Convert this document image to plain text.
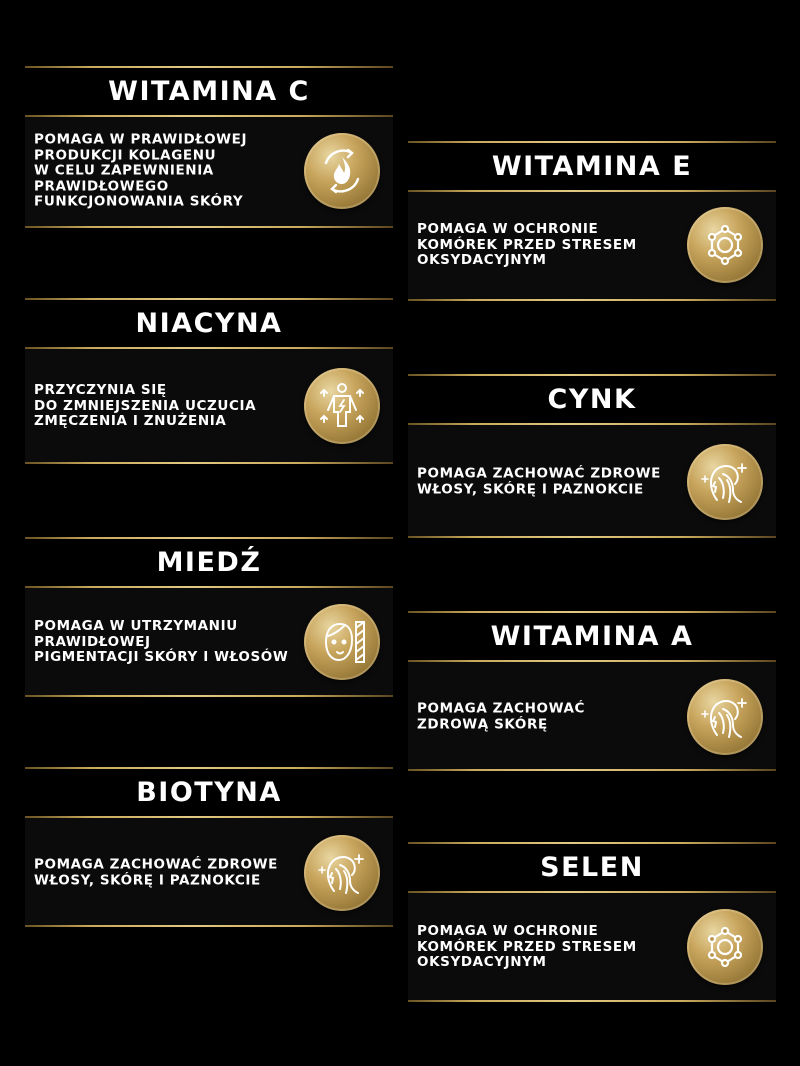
WITAMINA C
POMAGA W PRAWIDŁOWEJ
PRODUKCJI KOLAGENU
W CELU ZAPEWNIENIA
PRAWIDŁOWEGO
FUNKCJONOWANIA SKÓRY
WITAMINA E
POMAGA W OCHRONIE
KOMÓREK PRZED STRESEM
OKSYDACYJNYM
NIACYNA
PRZYCZYNIA SIĘ
DO ZMNIEJSZENIA UCZUCIA
ZMĘCZENIA I ZNUŻENIA
CYNK
POMAGA ZACHOWAĆ ZDROWE
WŁOSY, SKÓRĘ I PAZNOKCIE
MIEDŹ
POMAGA W UTRZYMANIU
PRAWIDŁOWEJ
PIGMENTACJI SKÓRY I WŁOSÓW
WITAMINA A
POMAGA ZACHOWAĆ
ZDROWĄ SKÓRĘ
BIOTYNA
POMAGA ZACHOWAĆ ZDROWE
WŁOSY, SKÓRĘ I PAZNOKCIE	SELEN
POMAGA W OCHRONIE
KOMÓREK PRZED STRESEM
OKSYDACYJNYM
